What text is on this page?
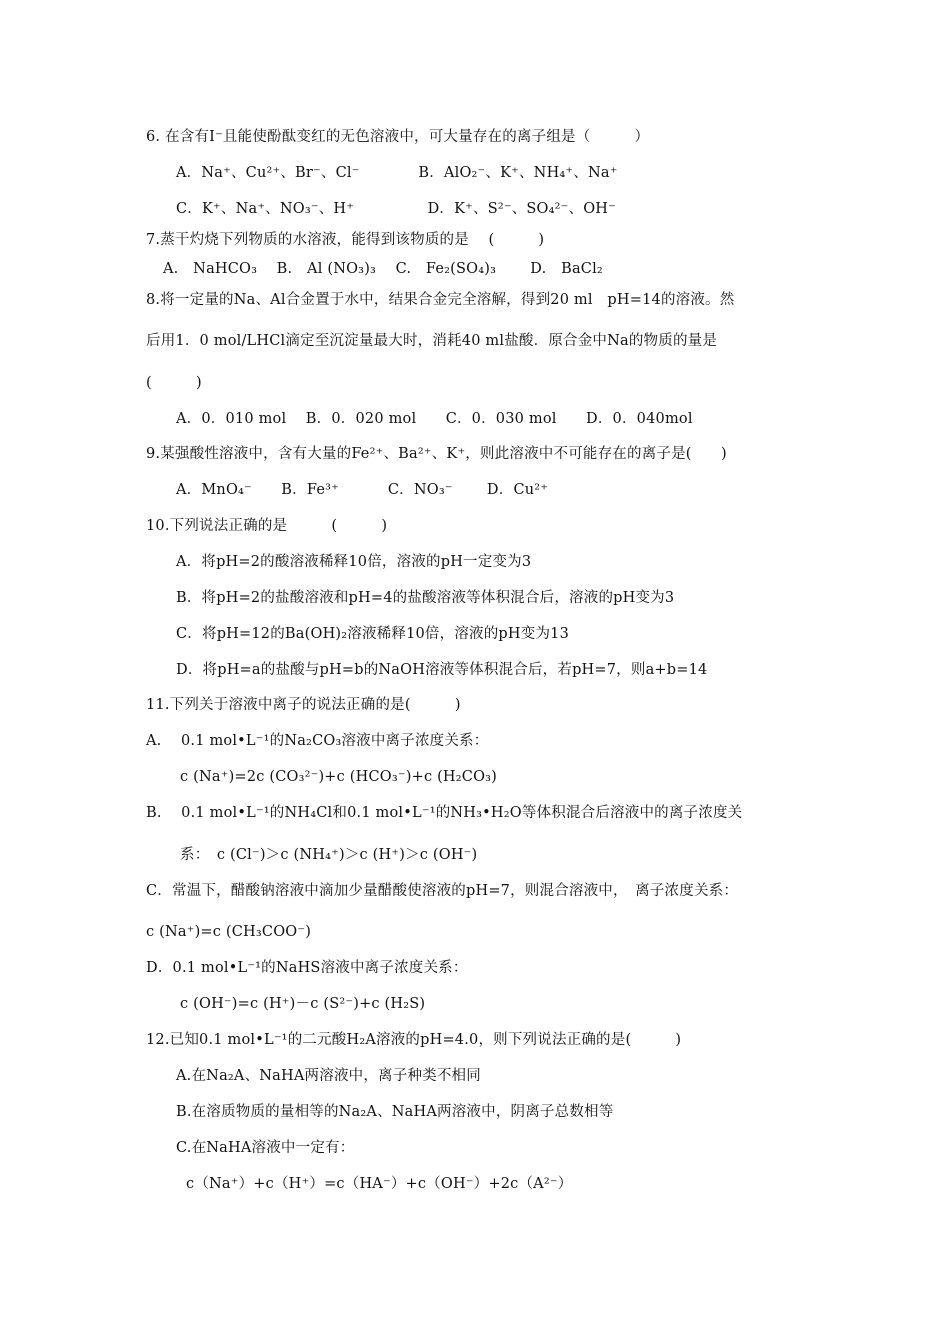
6. 在含有I⁻且能使酚酞变红的无色溶液中，可大量存在的离子组是（　　　）
A．Na⁺、Cu²⁺、Br⁻、Cl⁻　　　　B．AlO₂⁻、K⁺、NH₄⁺、Na⁺
C．K⁺、Na⁺、NO₃⁻、H⁺　　　　　D．K⁺、S²⁻、SO₄²⁻、OH⁻
7.蒸干灼烧下列物质的水溶液，能得到该物质的是　 (　　　)
A.　NaHCO₃　 B.　Al (NO₃)₃　 C.　Fe₂(SO₄)₃　　 D.　BaCl₂
8.将一定量的Na、Al合金置于水中，结果合金完全溶解，得到20 ml　pH=14的溶液。然
后用1．0 mol/LHCl滴定至沉淀量最大时，消耗40 ml盐酸．原合金中Na的物质的量是
(　　　)
A．0．010 mol　 B．0．020 mol　　C．0．030 mol　　D．0．040mol
9.某强酸性溶液中，含有大量的Fe²⁺、Ba²⁺、K⁺，则此溶液中不可能存在的离子是(　　)
A．MnO₄⁻　　B．Fe³⁺　　　 C．NO₃⁻　　 D．Cu²⁺
10.下列说法正确的是　　　(　　　)
A．将pH=2的酸溶液稀释10倍，溶液的pH一定变为3
B．将pH=2的盐酸溶液和pH=4的盐酸溶液等体积混合后，溶液的pH变为3
C．将pH=12的Ba(OH)₂溶液稀释10倍，溶液的pH变为13
D．将pH=a的盐酸与pH=b的NaOH溶液等体积混合后，若pH=7，则a+b=14
11.下列关于溶液中离子的说法正确的是(　　　)
A.　 0.1 mol•L⁻¹的Na₂CO₃溶液中离子浓度关系：
c (Na⁺)=2c (CO₃²⁻)+c (HCO₃⁻)+c (H₂CO₃)
B.　 0.1 mol•L⁻¹的NH₄Cl和0.1 mol•L⁻¹的NH₃•H₂O等体积混合后溶液中的离子浓度关
系：　c (Cl⁻)＞c (NH₄⁺)＞c (H⁺)＞c (OH⁻)
C．常温下，醋酸钠溶液中滴加少量醋酸使溶液的pH=7，则混合溶液中，　离子浓度关系：
c (Na⁺)=c (CH₃COO⁻)
D．0.1 mol•L⁻¹的NaHS溶液中离子浓度关系：
c (OH⁻)=c (H⁺)－c (S²⁻)+c (H₂S)
12.已知0.1 mol•L⁻¹的二元酸H₂A溶液的pH=4.0，则下列说法正确的是(　　　)
A.在Na₂A、NaHA两溶液中，离子种类不相同
B.在溶质物质的量相等的Na₂A、NaHA两溶液中，阴离子总数相等
C.在NaHA溶液中一定有：
c（Na⁺）+c（H⁺）=c（HA⁻）+c（OH⁻）+2c（A²⁻）
